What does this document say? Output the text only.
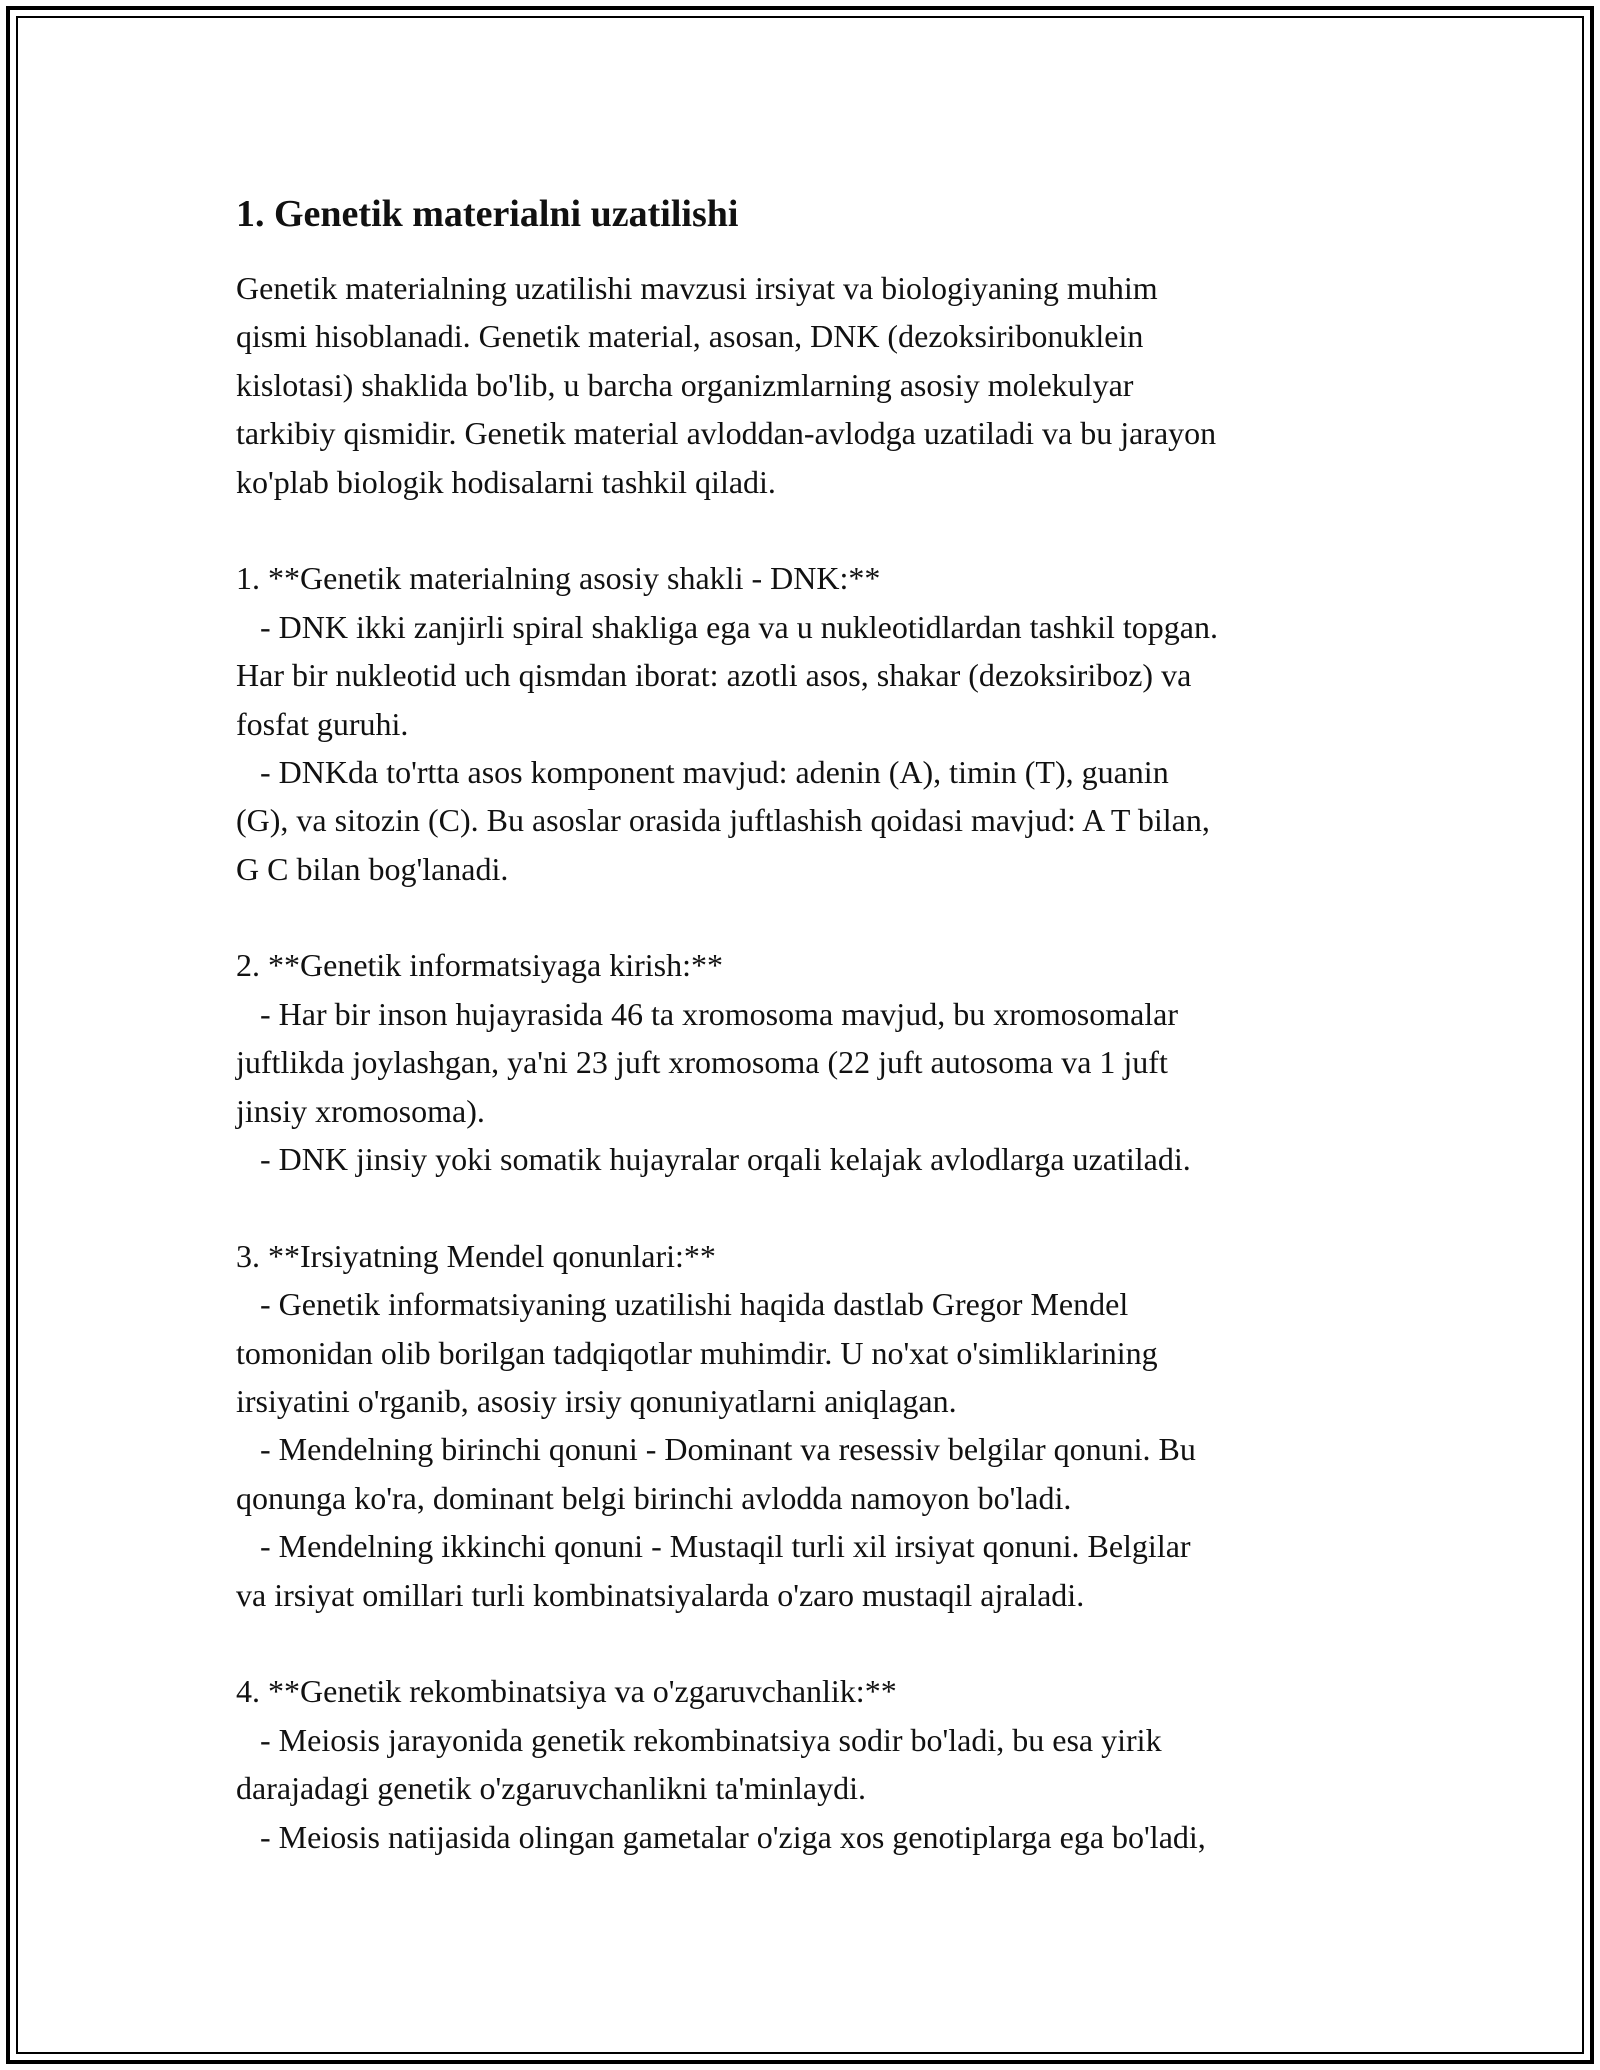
1. Genetik materialni uzatilishi
Genetik materialning uzatilishi mavzusi irsiyat va biologiyaning muhim
qismi hisoblanadi. Genetik material, asosan, DNK (dezoksiribonuklein
kislotasi) shaklida bo'lib, u barcha organizmlarning asosiy molekulyar
tarkibiy qismidir. Genetik material avloddan-avlodga uzatiladi va bu jarayon
ko'plab biologik hodisalarni tashkil qiladi.
1. **Genetik materialning asosiy shakli - DNK:**
- DNK ikki zanjirli spiral shakliga ega va u nukleotidlardan tashkil topgan.
Har bir nukleotid uch qismdan iborat: azotli asos, shakar (dezoksiriboz) va
fosfat guruhi.
- DNKda to'rtta asos komponent mavjud: adenin (A), timin (T), guanin
(G), va sitozin (C). Bu asoslar orasida juftlashish qoidasi mavjud: A T bilan,
G C bilan bog'lanadi.
2. **Genetik informatsiyaga kirish:**
- Har bir inson hujayrasida 46 ta xromosoma mavjud, bu xromosomalar
juftlikda joylashgan, ya'ni 23 juft xromosoma (22 juft autosoma va 1 juft
jinsiy xromosoma).
- DNK jinsiy yoki somatik hujayralar orqali kelajak avlodlarga uzatiladi.
3. **Irsiyatning Mendel qonunlari:**
- Genetik informatsiyaning uzatilishi haqida dastlab Gregor Mendel
tomonidan olib borilgan tadqiqotlar muhimdir. U no'xat o'simliklarining
irsiyatini o'rganib, asosiy irsiy qonuniyatlarni aniqlagan.
- Mendelning birinchi qonuni - Dominant va resessiv belgilar qonuni. Bu
qonunga ko'ra, dominant belgi birinchi avlodda namoyon bo'ladi.
- Mendelning ikkinchi qonuni - Mustaqil turli xil irsiyat qonuni. Belgilar
va irsiyat omillari turli kombinatsiyalarda o'zaro mustaqil ajraladi.
4. **Genetik rekombinatsiya va o'zgaruvchanlik:**
- Meiosis jarayonida genetik rekombinatsiya sodir bo'ladi, bu esa yirik
darajadagi genetik o'zgaruvchanlikni ta'minlaydi.
- Meiosis natijasida olingan gametalar o'ziga xos genotiplarga ega bo'ladi,
